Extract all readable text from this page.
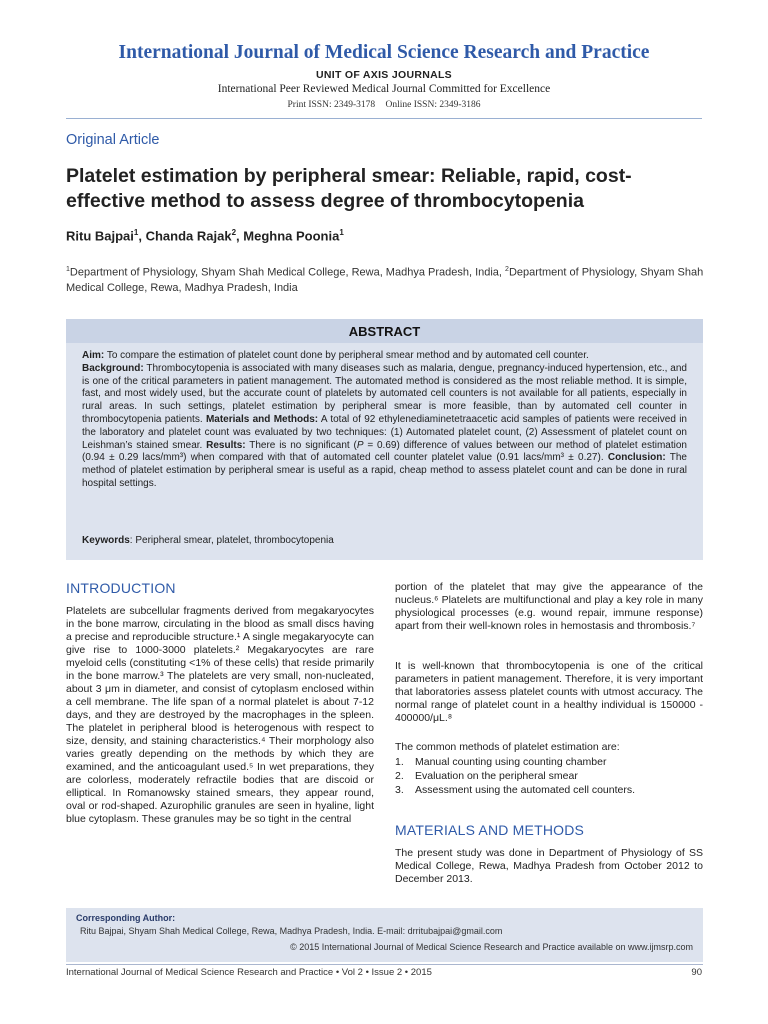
International Journal of Medical Science Research and Practice
UNIT OF AXIS JOURNALS
International Peer Reviewed Medical Journal Committed for Excellence
Print ISSN: 2349-3178 Online ISSN: 2349-3186
Original Article
Platelet estimation by peripheral smear: Reliable, rapid, cost-effective method to assess degree of thrombocytopenia
Ritu Bajpai$^1$, Chanda Rajak$^2$, Meghna Poonia$^1$
$^1$Department of Physiology, Shyam Shah Medical College, Rewa, Madhya Pradesh, India, $^2$Department of Physiology, Shyam Shah Medical College, Rewa, Madhya Pradesh, India
ABSTRACT
Aim: To compare the estimation of platelet count done by peripheral smear method and by automated cell counter.
Background: Thrombocytopenia is associated with many diseases such as malaria, dengue, pregnancy-induced hypertension, etc., and is one of the critical parameters in patient management. The automated method is considered as the most reliable method. It is simple, fast, and most widely used, but the accurate count of platelets by automated cell counters is not available for all patients, especially in rural areas. In such settings, platelet estimation by peripheral smear is more feasible, than by automated cell counter in thrombocytopenia patients. Materials and Methods: A total of 92 ethylenediaminetetraacetic acid samples of patients were received in the laboratory and platelet count was evaluated by two techniques: (1) Automated platelet count, (2) Assessment of platelet count on Leishman’s stained smear. Results: There is no significant (P = 0.69) difference of values between our method of platelet estimation (0.94 ± 0.29 lacs/mm³) when compared with that of automated cell counter platelet value (0.91 lacs/mm³ ± 0.27). Conclusion: The method of platelet estimation by peripheral smear is useful as a rapid, cheap method to assess platelet count and can be done in rural hospital settings.
Keywords: Peripheral smear, platelet, thrombocytopenia
INTRODUCTION
Platelets are subcellular fragments derived from megakaryocytes in the bone marrow, circulating in the blood as small discs having a precise and reproducible structure.¹ A single megakaryocyte can give rise to 1000-3000 platelets.² Megakaryocytes are rare myeloid cells (constituting <1% of these cells) that reside primarily in the bone marrow.³ The platelets are very small, non-nucleated, about 3 μm in diameter, and consist of cytoplasm enclosed within a cell membrane. The life span of a normal platelet is about 7-12 days, and they are destroyed by the macrophages in the spleen. The platelet in peripheral blood is heterogenous with respect to size, density, and staining characteristics.⁴ Their morphology also varies greatly depending on the methods by which they are examined, and the anticoagulant used.⁵ In wet preparations, they are colorless, moderately refractile bodies that are discoid or elliptical. In Romanowsky stained smears, they appear round, oval or rod-shaped. Azurophilic granules are seen in hyaline, light blue cytoplasm. These granules may be so tight in the central
portion of the platelet that may give the appearance of the nucleus.⁶ Platelets are multifunctional and play a key role in many physiological processes (e.g. wound repair, immune response) apart from their well-known roles in hemostasis and thrombosis.⁷
It is well-known that thrombocytopenia is one of the critical parameters in patient management. Therefore, it is very important that laboratories assess platelet counts with utmost accuracy. The normal range of platelet count in a healthy individual is 150000 - 400000/μL.⁸
The common methods of platelet estimation are:
1.	Manual counting using counting chamber
2.	Evaluation on the peripheral smear
3.	Assessment using the automated cell counters.
MATERIALS AND METHODS
The present study was done in Department of Physiology of SS Medical College, Rewa, Madhya Pradesh from October 2012 to December 2013.
Corresponding Author:
Ritu Bajpai, Shyam Shah Medical College, Rewa, Madhya Pradesh, India. E-mail: drritubajpai@gmail.com
© 2015 International Journal of Medical Science Research and Practice available on www.ijmsrp.com
International Journal of Medical Science Research and Practice • Vol 2 • Issue 2 • 2015	90
